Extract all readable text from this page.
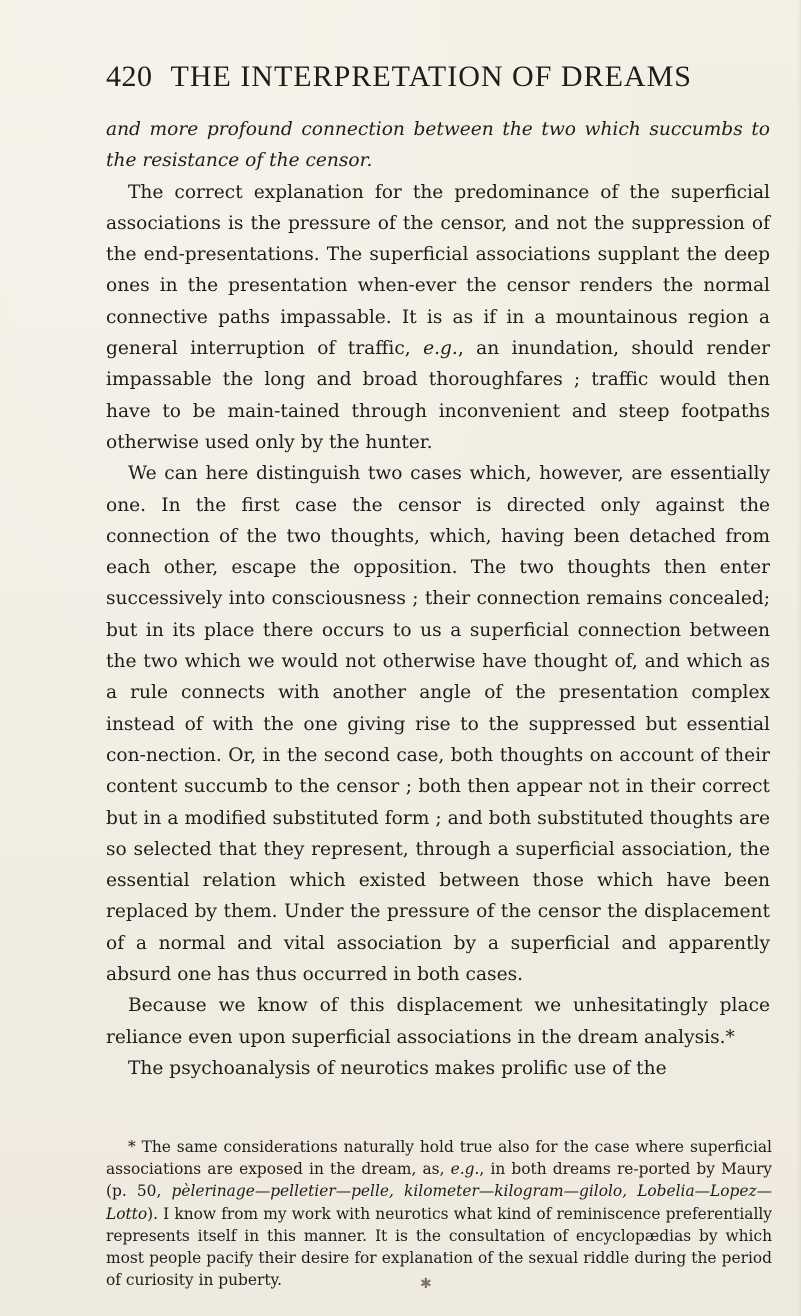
420 THE INTERPRETATION OF DREAMS

and more profound connection between the two which succumbs to the resistance of the censor.

The correct explanation for the predominance of the superficial associations is the pressure of the censor, and not the suppression of the end-presentations. The superficial associations supplant the deep ones in the presentation when-ever the censor renders the normal connective paths impassable. It is as if in a mountainous region a general interruption of traffic, e.g., an inundation, should render impassable the long and broad thoroughfares ; traffic would then have to be main-tained through inconvenient and steep footpaths otherwise used only by the hunter.

We can here distinguish two cases which, however, are essentially one. In the first case the censor is directed only against the connection of the two thoughts, which, having been detached from each other, escape the opposition. The two thoughts then enter successively into consciousness ; their connection remains concealed; but in its place there occurs to us a superficial connection between the two which we would not otherwise have thought of, and which as a rule connects with another angle of the presentation complex instead of with the one giving rise to the suppressed but essential con-nection. Or, in the second case, both thoughts on account of their content succumb to the censor ; both then appear not in their correct but in a modified substituted form ; and both substituted thoughts are so selected that they represent, through a superficial association, the essential relation which existed between those which have been replaced by them. Under the pressure of the censor the displacement of a normal and vital association by a superficial and apparently absurd one has thus occurred in both cases.

Because we know of this displacement we unhesitatingly place reliance even upon superficial associations in the dream analysis.*

The psychoanalysis of neurotics makes prolific use of the

* The same considerations naturally hold true also for the case where superficial associations are exposed in the dream, as, e.g., in both dreams re-ported by Maury (p. 50, pèlerinage—pelletier—pelle, kilometer—kilogram—gilolo, Lobelia—Lopez—Lotto). I know from my work with neurotics what kind of reminiscence preferentially represents itself in this manner. It is the consultation of encyclopædias by which most people pacify their desire for explanation of the sexual riddle during the period of curiosity in puberty.	✱
